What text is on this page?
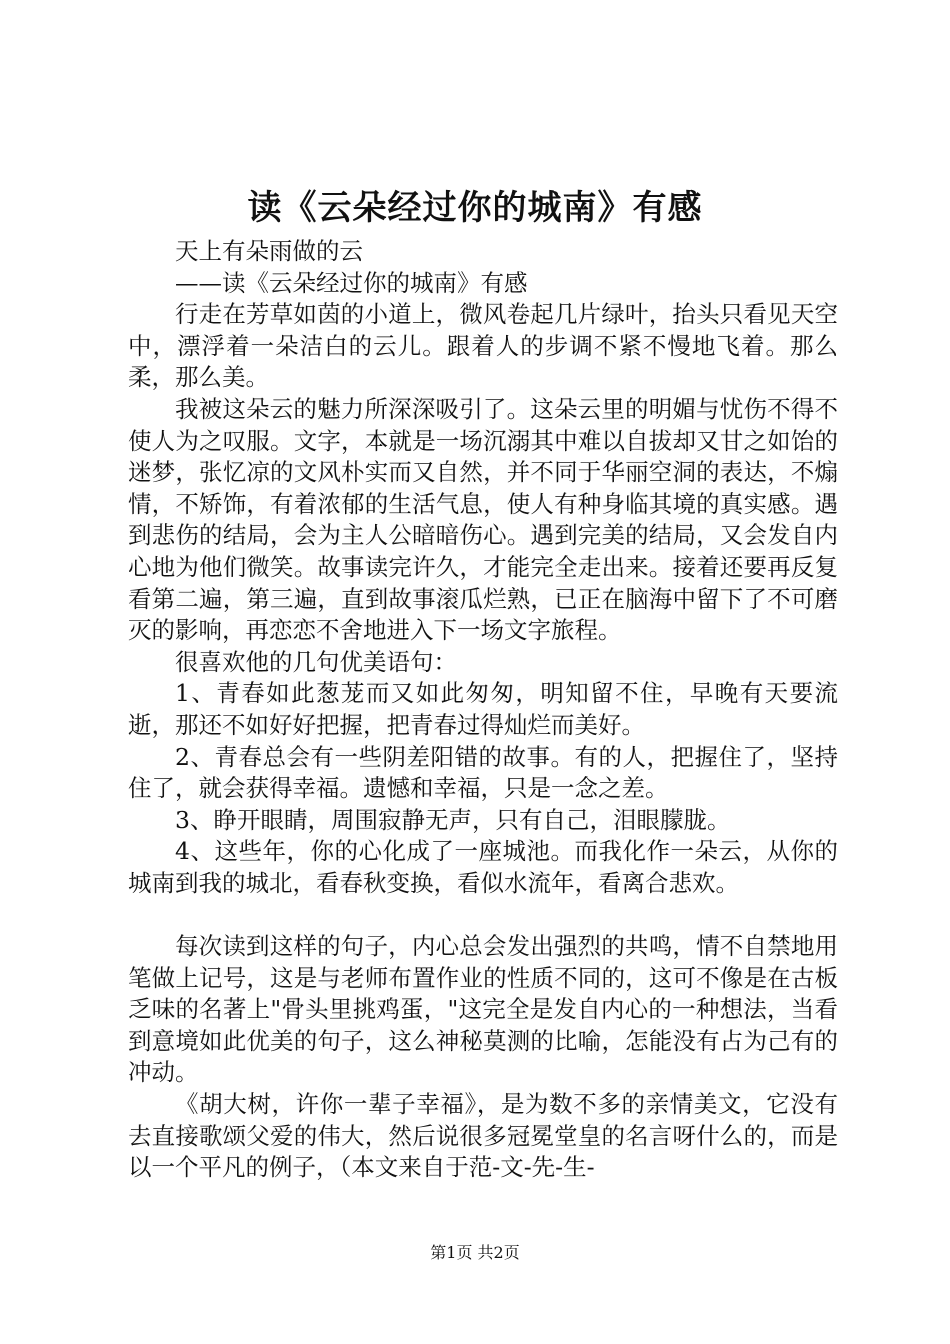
读《云朵经过你的城南》有感

天上有朵雨做的云

——读《云朵经过你的城南》有感

行走在芳草如茵的小道上，微风卷起几片绿叶，抬头只看见天空中，漂浮着一朵洁白的云儿。跟着人的步调不紧不慢地飞着。那么柔，那么美。

我被这朵云的魅力所深深吸引了。这朵云里的明媚与忧伤不得不使人为之叹服。文字，本就是一场沉溺其中难以自拔却又甘之如饴的迷梦，张忆凉的文风朴实而又自然，并不同于华丽空洞的表达，不煽情，不矫饰，有着浓郁的生活气息，使人有种身临其境的真实感。遇到悲伤的结局，会为主人公暗暗伤心。遇到完美的结局，又会发自内心地为他们微笑。故事读完许久，才能完全走出来。接着还要再反复看第二遍，第三遍，直到故事滚瓜烂熟，已正在脑海中留下了不可磨灭的影响，再恋恋不舍地进入下一场文字旅程。

很喜欢他的几句优美语句：

1、青春如此葱茏而又如此匆匆，明知留不住，早晚有天要流逝，那还不如好好把握，把青春过得灿烂而美好。

2、青春总会有一些阴差阳错的故事。有的人，把握住了，坚持住了，就会获得幸福。遗憾和幸福，只是一念之差。

3、睁开眼睛，周围寂静无声，只有自己，泪眼朦胧。

4、这些年，你的心化成了一座城池。而我化作一朵云，从你的城南到我的城北，看春秋变换，看似水流年，看离合悲欢。

每次读到这样的句子，内心总会发出强烈的共鸣，情不自禁地用笔做上记号，这是与老师布置作业的性质不同的，这可不像是在古板乏味的名著上"骨头里挑鸡蛋，"这完全是发自内心的一种想法，当看到意境如此优美的句子，这么神秘莫测的比喻，怎能没有占为己有的冲动。

《胡大树，许你一辈子幸福》，是为数不多的亲情美文，它没有去直接歌颂父爱的伟大，然后说很多冠冕堂皇的名言呀什么的，而是以一个平凡的例子，（本文来自于范-文-先-生-

第1页 共2页
